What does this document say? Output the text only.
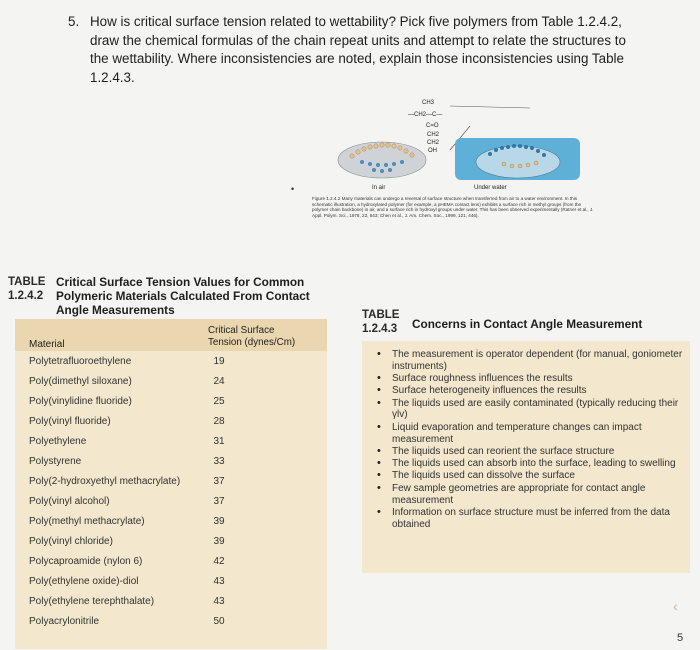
5. How is critical surface tension related to wettability? Pick five polymers from Table 1.2.4.2, draw the chemical formulas of the chain repeat units and attempt to relate the structures to the wettability. Where inconsistencies are noted, explain those inconsistencies using Table 1.2.4.3.
CH3
—CH2—C—
C=O
CH2
CH2
OH
In air	Under water
Figure 1.2.4.2 Many materials can undergo a reversal of surface structure when transferred from air to a water environment. In this schematic illustration, a hydroxylated polymer (for example, a pHEMA contact lens) exhibits a surface rich in methyl groups (from the polymer chain backbone) in air, and a surface rich in hydroxyl groups under water. This has been observed experimentally (Ratner et al., J. Appl. Polym. Sci., 1978, 22, 643; Chen et al., J. Am. Chem. Soc., 1999, 121, 446).
•
TABLE
1.2.4.2
Critical Surface Tension Values for Common Polymeric Materials Calculated From Contact Angle Measurements
Material
Critical Surface
Tension (dynes/Cm)
Polytetrafluoroethylene	19
Poly(dimethyl siloxane)	24
Poly(vinylidine fluoride)	25
Poly(vinyl fluoride)	28
Polyethylene	31
Polystyrene	33
Poly(2-hydroxyethyl methacrylate)	37
Poly(vinyl alcohol)	37
Poly(methyl methacrylate)	39
Poly(vinyl chloride)	39
Polycaproamide (nylon 6)	42
Poly(ethylene oxide)-diol	43
Poly(ethylene terephthalate)	43
Polyacrylonitrile	50
TABLE
1.2.4.3 Concerns in Contact Angle Measurement
• The measurement is operator dependent (for manual, goniometer instruments)
• Surface roughness influences the results
• Surface heterogeneity influences the results
• The liquids used are easily contaminated (typically reducing their γlv)
• Liquid evaporation and temperature changes can impact measurement
• The liquids used can reorient the surface structure
• The liquids used can absorb into the surface, leading to swelling
• The liquids used can dissolve the surface
• Few sample geometries are appropriate for contact angle measurement
• Information on surface structure must be inferred from the data obtained
‹
5
